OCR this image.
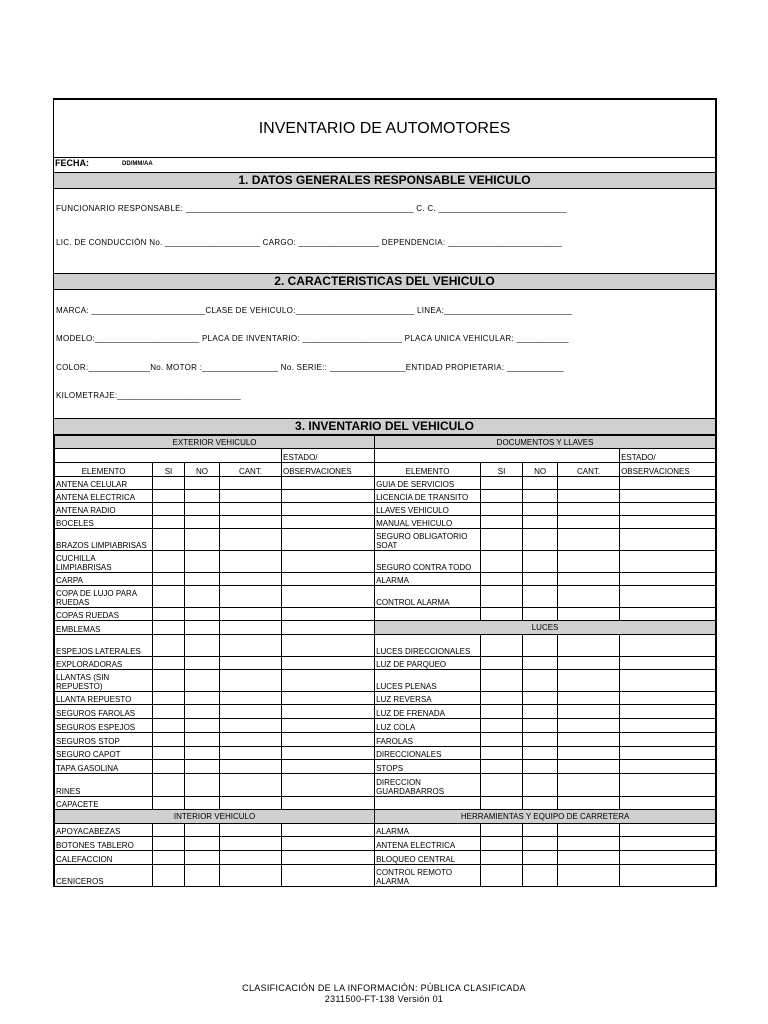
INVENTARIO DE AUTOMOTORES
FECHA:	DD/MM/AA
1. DATOS GENERALES RESPONSABLE VEHICULO
FUNCIONARIO RESPONSABLE: ________________________________________________ C. C. ___________________________
LIC. DE CONDUCCIÓN No. ____________________ CARGO: _________________ DEPENDENCIA: ________________________
2. CARACTERISTICAS DEL VEHICULO
MARCA: ________________________CLASE DE VEHICULO:_________________________ LINEA:___________________________
MODELO:______________________ PLACA DE INVENTARIO: _____________________ PLACA UNICA VEHICULAR: ___________
COLOR:_____________No. MOTOR :________________ No. SERIE:: ________________ENTIDAD PROPIETARIA: ____________
KILOMETRAJE:__________________________
3. INVENTARIO DEL VEHICULO
EXTERIOR VEHICULO					DOCUMENTOS Y LLAVES				
				ESTADO/					ESTADO/
ELEMENTO	SI	NO	CANT.	OBSERVACIONES	ELEMENTO	SI	NO	CANT.	OBSERVACIONES
ANTENA CELULAR					GUIA DE SERVICIOS				
ANTENA ELECTRICA					LICENCIA DE TRANSITO				
ANTENA RADIO					LLAVES VEHICULO				
BOCELES					MANUAL VEHICULO				
BRAZOS LIMPIABRISAS					SEGURO OBLIGATORIO SOAT				
CUCHILLA LIMPIABRISAS					SEGURO CONTRA TODO				
CARPA					ALARMA				
COPA DE LUJO PARA RUEDAS					CONTROL ALARMA				
COPAS RUEDAS									
EMBLEMAS					LUCES				
ESPEJOS LATERALES					LUCES DIRECCIONALES				
EXPLORADORAS					LUZ DE PARQUEO				
LLANTAS (SIN REPUESTO)					LUCES PLENAS				
LLANTA REPUESTO					LUZ REVERSA				
SEGUROS FAROLAS					LUZ DE FRENADA				
SEGUROS ESPEJOS					LUZ COLA				
SEGUROS STOP					FAROLAS				
SEGURO CAPOT					DIRECCIONALES				
TAPA GASOLINA					STOPS				
RINES					DIRECCION GUARDABARROS				
CAPACETE									
INTERIOR VEHICULO					HERRAMIENTAS Y EQUIPO DE CARRETERA				
APOYACABEZAS					ALARMA				
BOTONES TABLERO					ANTENA ELECTRICA				
CALEFACCION					BLOQUEO CENTRAL				
CENICEROS					CONTROL REMOTO ALARMA				
CLASIFICACIÓN DE LA INFORMACIÓN: PÚBLICA CLASIFICADA
2311500-FT-138 Versión 01
